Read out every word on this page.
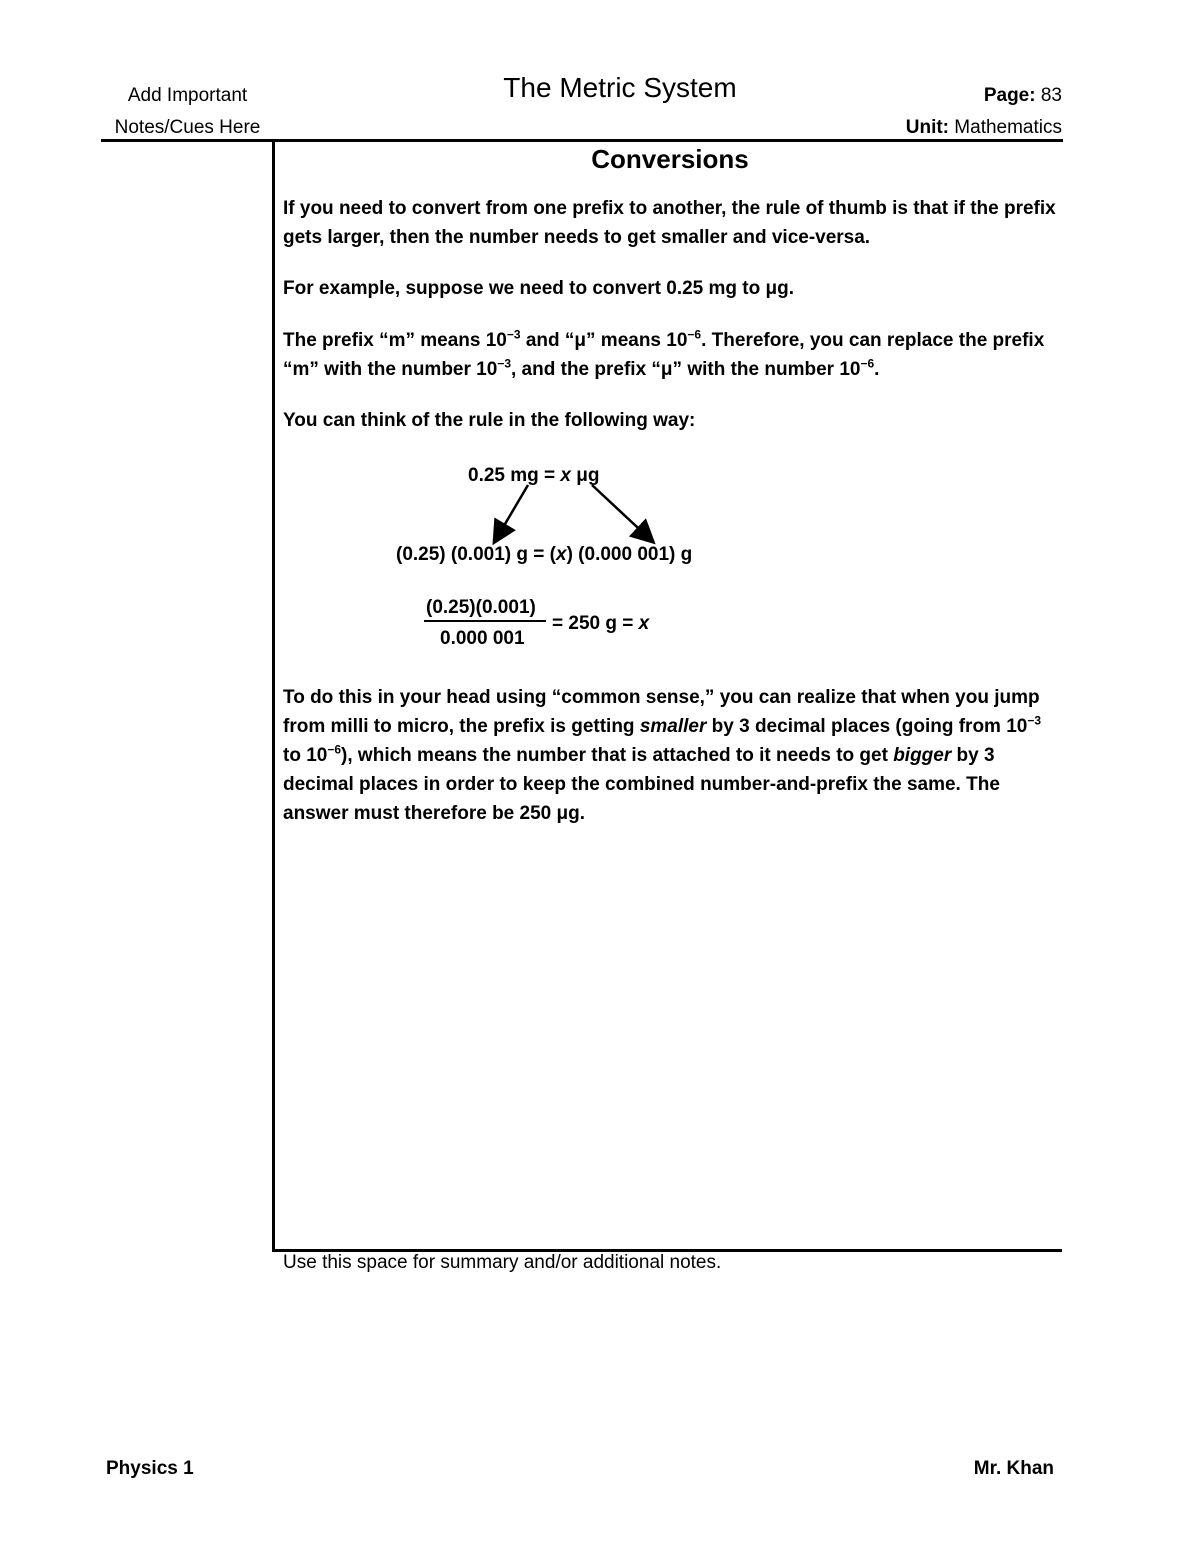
Add Important
Notes/Cues Here
The Metric System	Page: 83
Unit: Mathematics
Conversions
If you need to convert from one prefix to another, the rule of thumb is that if the prefix gets larger, then the number needs to get smaller and vice-versa.
For example, suppose we need to convert 0.25 mg to μg.
The prefix “m” means $10^{-3}$ and “μ” means $10^{-6}$. Therefore, you can replace the prefix “m” with the number $10^{-3}$, and the prefix “μ” with the number $10^{-6}$.
You can think of the rule in the following way:
0.25 mg = x μg
(0.25) (0.001) g = (x) (0.000 001) g
(0.25)(0.001)
0.000 001
= 250 g = x
To do this in your head using “common sense,” you can realize that when you jump from milli to micro, the prefix is getting smaller by 3 decimal places (going from $10^{-3}$ to $10^{-6}$), which means the number that is attached to it needs to get bigger by 3 decimal places in order to keep the combined number-and-prefix the same. The answer must therefore be 250 μg.
Use this space for summary and/or additional notes.
Physics 1	Mr. Khan
